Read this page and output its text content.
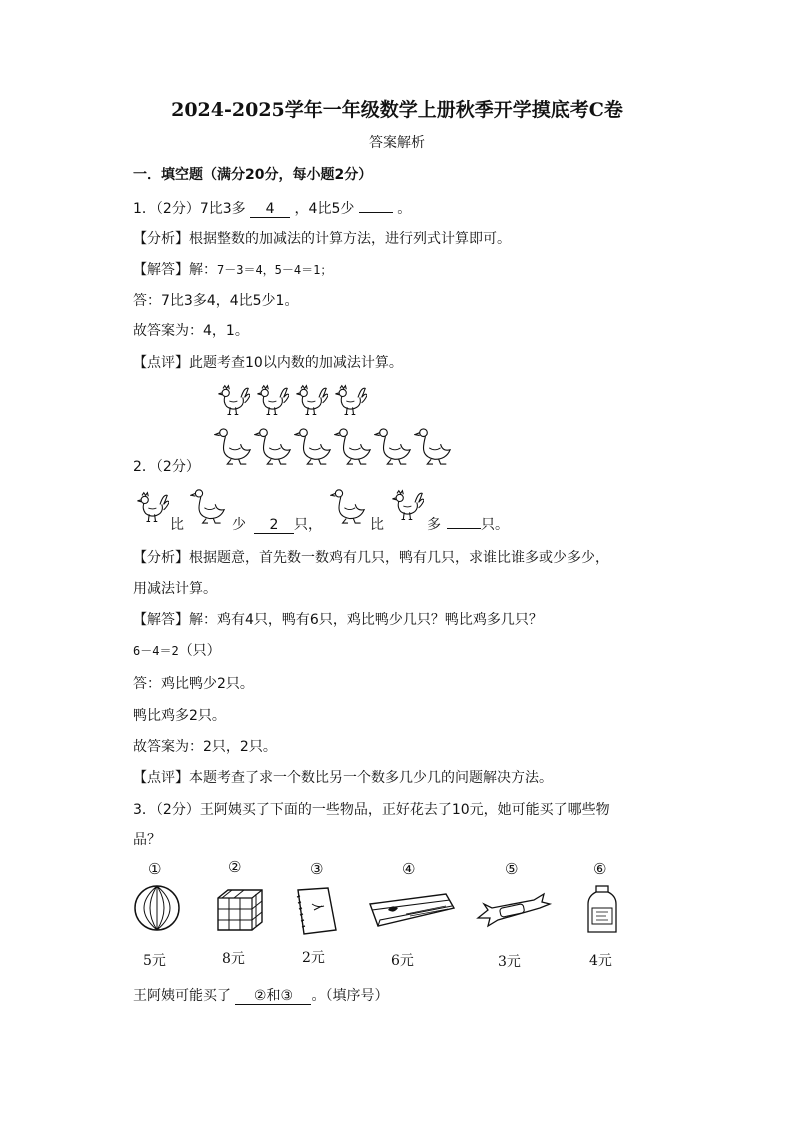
2024-2025学年一年级数学上册秋季开学摸底考C卷
答案解析
一．填空题（满分20分，每小题2分）
1．（2分）7比3多 4 ，4比5少	。
【分析】根据整数的加减法的计算方法，进行列式计算即可。
【解答】解：7－3＝4，5－4＝1；
答：7比3多4，4比5少1。
故答案为：4，1。
【点评】此题考查10以内数的加减法计算。
2．（2分）
比	少	2 只，	比	多	只。
【分析】根据题意，首先数一数鸡有几只，鸭有几只，求谁比谁多或少多少，
用减法计算。
【解答】解：鸡有4只，鸭有6只，鸡比鸭少几只？鸭比鸡多几只？
6－4＝2（只）
答：鸡比鸭少2只。
鸭比鸡多2只。
故答案为：2只，2只。
【点评】本题考查了求一个数比另一个数多几少几的问题解决方法。
3．（2分）王阿姨买了下面的一些物品，正好花去了10元，她可能买了哪些物
品？
①	②	③	④	⑤	⑥
5元	8元	2元	6元	3元	4元
王阿姨可能买了 ②和③ 。（填序号）
